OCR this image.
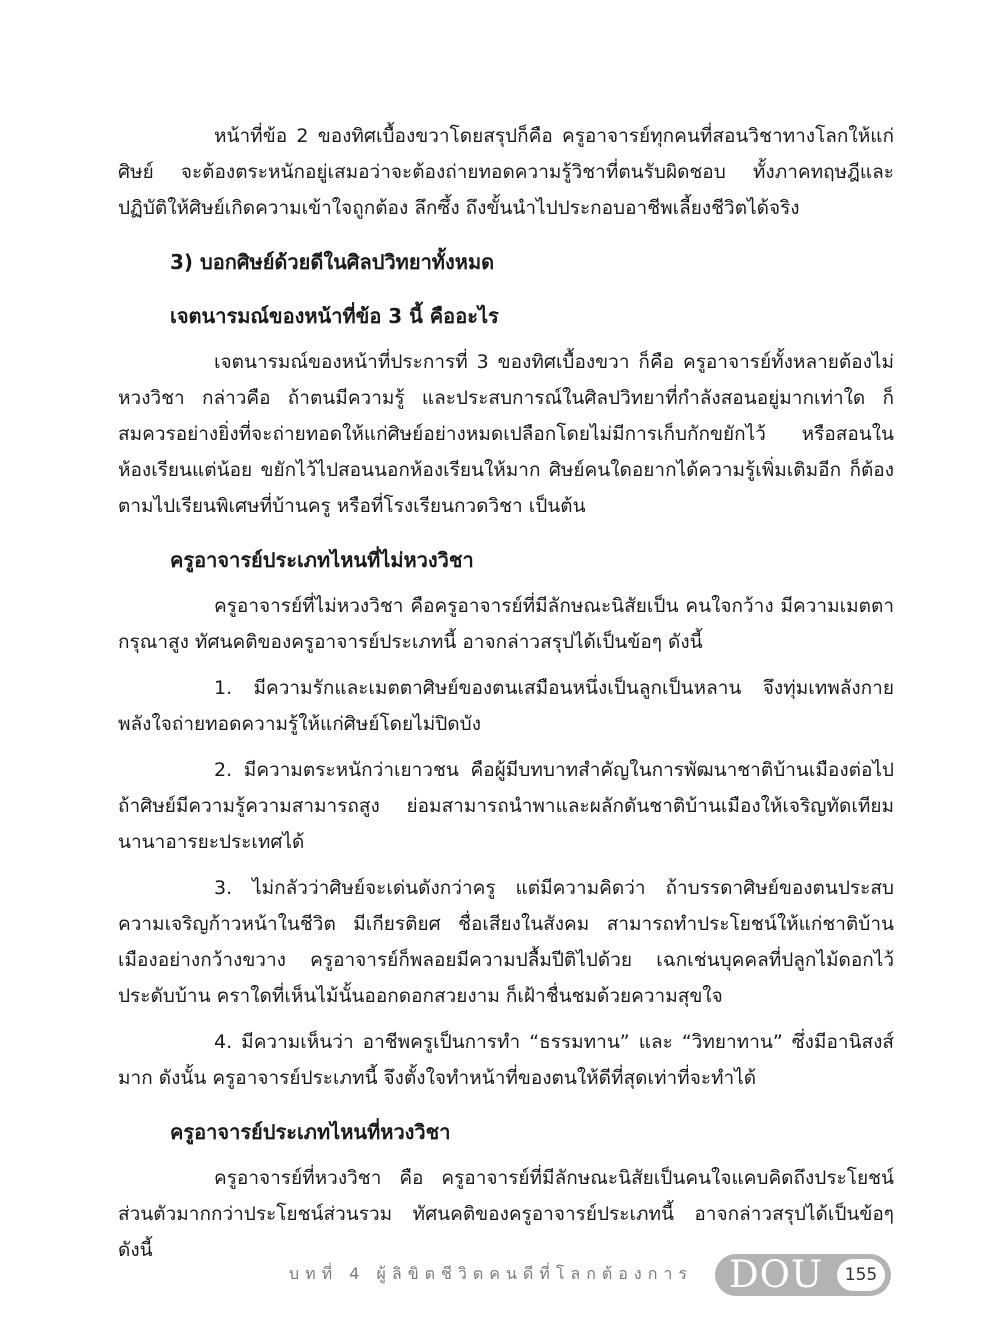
หน้าที่ข้อ 2 ของทิศเบื้องขวาโดยสรุปก็คือ ครูอาจารย์ทุกคนที่สอนวิชาทางโลกให้แก่ศิษย์ จะต้องตระหนักอยู่เสมอว่าจะต้องถ่ายทอดความรู้วิชาที่ตนรับผิดชอบ ทั้งภาคทฤษฎีและปฏิบัติให้ศิษย์เกิดความเข้าใจถูกต้อง ลึกซึ้ง ถึงขั้นนำไปประกอบอาชีพเลี้ยงชีวิตได้จริง

3) บอกศิษย์ด้วยดีในศิลปวิทยาทั้งหมด
เจตนารมณ์ของหน้าที่ข้อ 3 นี้ คืออะไร

เจตนารมณ์ของหน้าที่ประการที่ 3 ของทิศเบื้องขวา ก็คือ ครูอาจารย์ทั้งหลายต้องไม่หวงวิชา กล่าวคือ ถ้าตนมีความรู้ และประสบการณ์ในศิลปวิทยาที่กำลังสอนอยู่มากเท่าใด ก็สมควรอย่างยิ่งที่จะถ่ายทอดให้แก่ศิษย์อย่างหมดเปลือกโดยไม่มีการเก็บกักขยักไว้ หรือสอนในห้องเรียนแต่น้อย ขยักไว้ไปสอนนอกห้องเรียนให้มาก ศิษย์คนใดอยากได้ความรู้เพิ่มเติมอีก ก็ต้องตามไปเรียนพิเศษที่บ้านครู หรือที่โรงเรียนกวดวิชา เป็นต้น

ครูอาจารย์ประเภทไหนที่ไม่หวงวิชา

ครูอาจารย์ที่ไม่หวงวิชา คือครูอาจารย์ที่มีลักษณะนิสัยเป็น คนใจกว้าง มีความเมตตากรุณาสูง ทัศนคติของครูอาจารย์ประเภทนี้ อาจกล่าวสรุปได้เป็นข้อๆ ดังนี้

1. มีความรักและเมตตาศิษย์ของตนเสมือนหนึ่งเป็นลูกเป็นหลาน จึงทุ่มเทพลังกายพลังใจถ่ายทอดความรู้ให้แก่ศิษย์โดยไม่ปิดบัง

2. มีความตระหนักว่าเยาวชน คือผู้มีบทบาทสำคัญในการพัฒนาชาติบ้านเมืองต่อไป ถ้าศิษย์มีความรู้ความสามารถสูง ย่อมสามารถนำพาและผลักดันชาติบ้านเมืองให้เจริญทัดเทียมนานาอารยะประเทศได้

3. ไม่กลัวว่าศิษย์จะเด่นดังกว่าครู แต่มีความคิดว่า ถ้าบรรดาศิษย์ของตนประสบความเจริญก้าวหน้าในชีวิต มีเกียรติยศ ชื่อเสียงในสังคม สามารถทำประโยชน์ให้แก่ชาติบ้านเมืองอย่างกว้างขวาง ครูอาจารย์ก็พลอยมีความปลื้มปีติไปด้วย เฉกเช่นบุคคลที่ปลูกไม้ดอกไว้ประดับบ้าน คราใดที่เห็นไม้นั้นออกดอกสวยงาม ก็เฝ้าชื่นชมด้วยความสุขใจ

4. มีความเห็นว่า อาชีพครูเป็นการทำ “ธรรมทาน” และ “วิทยาทาน” ซึ่งมีอานิสงส์มาก ดังนั้น ครูอาจารย์ประเภทนี้ จึงตั้งใจทำหน้าที่ของตนให้ดีที่สุดเท่าที่จะทำได้

ครูอาจารย์ประเภทไหนที่หวงวิชา

ครูอาจารย์ที่หวงวิชา คือ ครูอาจารย์ที่มีลักษณะนิสัยเป็นคนใจแคบคิดถึงประโยชน์ส่วนตัวมากกว่าประโยชน์ส่วนรวม ทัศนคติของครูอาจารย์ประเภทนี้ อาจกล่าวสรุปได้เป็นข้อๆ ดังนี้

บทที่ 4 ผู้ลิขิตชีวิตคนดีที่โลกต้องการ DOU	155
